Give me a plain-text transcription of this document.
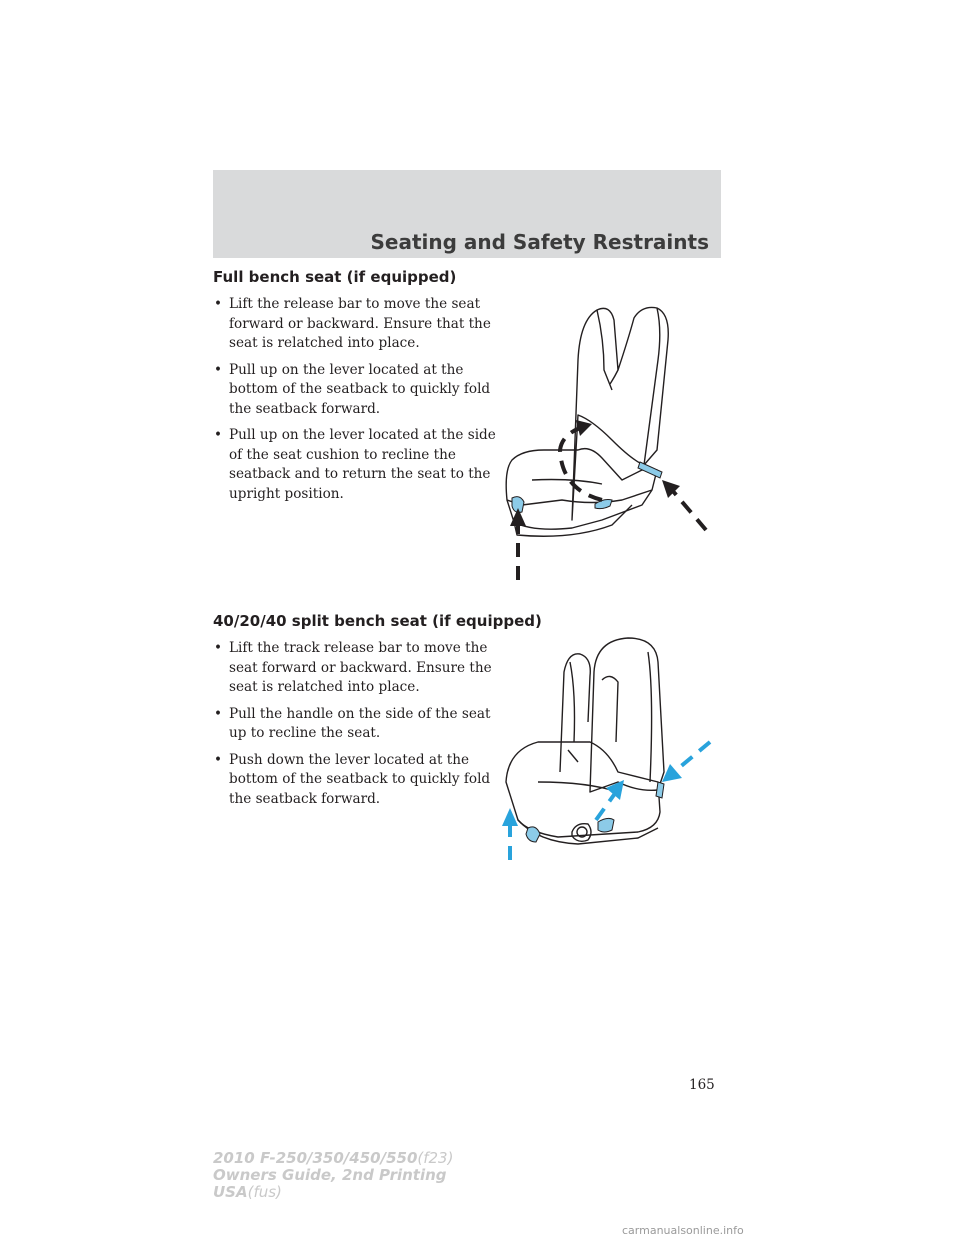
Seating and Safety Restraints
Full bench seat (if equipped)
• Lift the release bar to move the seat forward or backward. Ensure that the seat is relatched into place.
• Pull up on the lever located at the bottom of the seatback to quickly fold the seatback forward.
• Pull up on the lever located at the side of the seat cushion to recline the seatback and to return the seat to the upright position.
40/20/40 split bench seat (if equipped)
• Lift the track release bar to move the seat forward or backward. Ensure the seat is relatched into place.
• Pull the handle on the side of the seat up to recline the seat.
• Push down the lever located at the bottom of the seatback to quickly fold the seatback forward.
165
2010 F-250/350/450/550(f23)
Owners Guide, 2nd Printing
USA(fus)
carmanualsonline.info
